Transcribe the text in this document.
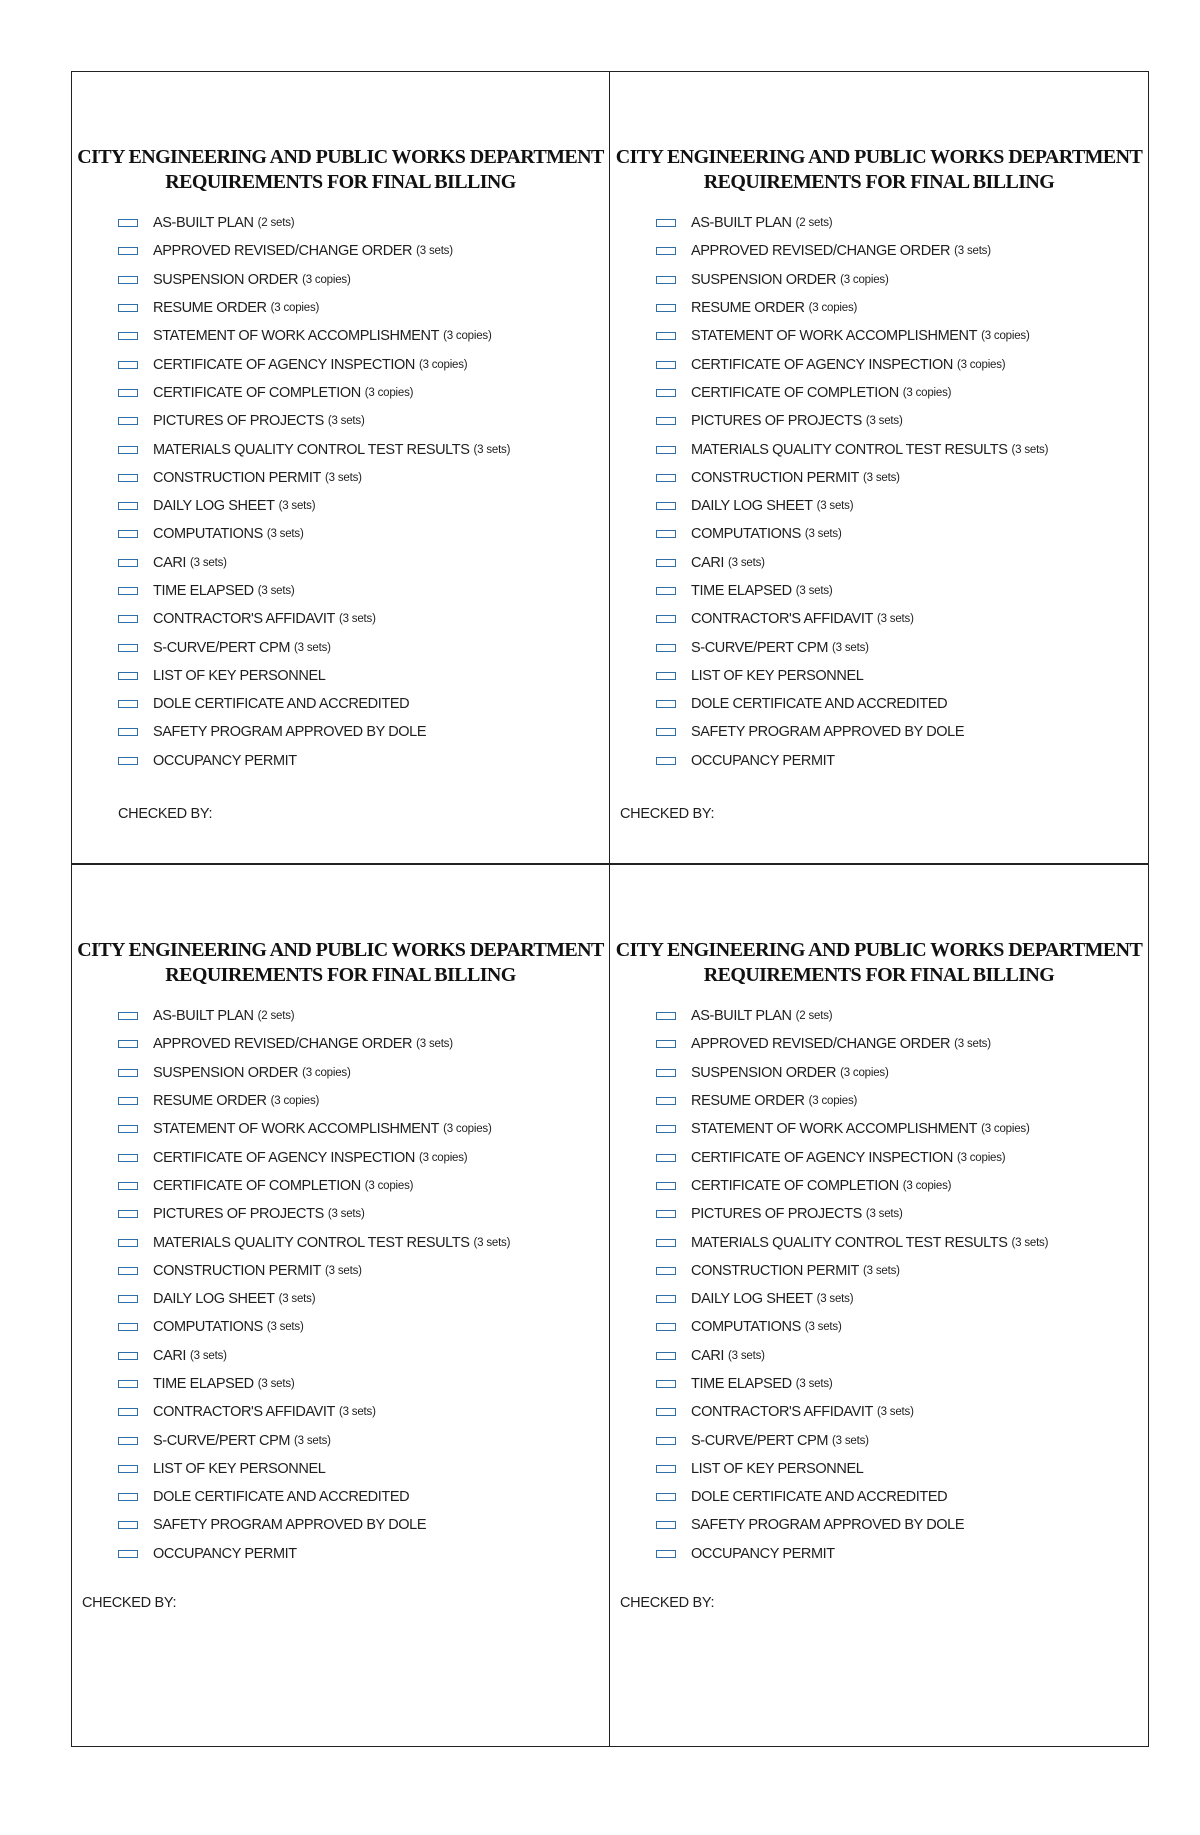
CITY ENGINEERING AND PUBLIC WORKS DEPARTMENT
REQUIREMENTS FOR FINAL BILLING
AS-BUILT PLAN (2 sets)
APPROVED REVISED/CHANGE ORDER (3 sets)
SUSPENSION ORDER (3 copies)
RESUME ORDER (3 copies)
STATEMENT OF WORK ACCOMPLISHMENT (3 copies)
CERTIFICATE OF AGENCY INSPECTION (3 copies)
CERTIFICATE OF COMPLETION (3 copies)
PICTURES OF PROJECTS (3 sets)
MATERIALS QUALITY CONTROL TEST RESULTS (3 sets)
CONSTRUCTION PERMIT (3 sets)
DAILY LOG SHEET (3 sets)
COMPUTATIONS (3 sets)
CARI (3 sets)
TIME ELAPSED (3 sets)
CONTRACTOR'S AFFIDAVIT (3 sets)
S-CURVE/PERT CPM (3 sets)
LIST OF KEY PERSONNEL
DOLE CERTIFICATE AND ACCREDITED
SAFETY PROGRAM APPROVED BY DOLE
OCCUPANCY PERMIT
CHECKED BY:
CITY ENGINEERING AND PUBLIC WORKS DEPARTMENT
REQUIREMENTS FOR FINAL BILLING
AS-BUILT PLAN (2 sets)
APPROVED REVISED/CHANGE ORDER (3 sets)
SUSPENSION ORDER (3 copies)
RESUME ORDER (3 copies)
STATEMENT OF WORK ACCOMPLISHMENT (3 copies)
CERTIFICATE OF AGENCY INSPECTION (3 copies)
CERTIFICATE OF COMPLETION (3 copies)
PICTURES OF PROJECTS (3 sets)
MATERIALS QUALITY CONTROL TEST RESULTS (3 sets)
CONSTRUCTION PERMIT (3 sets)
DAILY LOG SHEET (3 sets)
COMPUTATIONS (3 sets)
CARI (3 sets)
TIME ELAPSED (3 sets)
CONTRACTOR'S AFFIDAVIT (3 sets)
S-CURVE/PERT CPM (3 sets)
LIST OF KEY PERSONNEL
DOLE CERTIFICATE AND ACCREDITED
SAFETY PROGRAM APPROVED BY DOLE
OCCUPANCY PERMIT
CHECKED BY:
CITY ENGINEERING AND PUBLIC WORKS DEPARTMENT
REQUIREMENTS FOR FINAL BILLING
AS-BUILT PLAN (2 sets)
APPROVED REVISED/CHANGE ORDER (3 sets)
SUSPENSION ORDER (3 copies)
RESUME ORDER (3 copies)
STATEMENT OF WORK ACCOMPLISHMENT (3 copies)
CERTIFICATE OF AGENCY INSPECTION (3 copies)
CERTIFICATE OF COMPLETION (3 copies)
PICTURES OF PROJECTS (3 sets)
MATERIALS QUALITY CONTROL TEST RESULTS (3 sets)
CONSTRUCTION PERMIT (3 sets)
DAILY LOG SHEET (3 sets)
COMPUTATIONS (3 sets)
CARI (3 sets)
TIME ELAPSED (3 sets)
CONTRACTOR'S AFFIDAVIT (3 sets)
S-CURVE/PERT CPM (3 sets)
LIST OF KEY PERSONNEL
DOLE CERTIFICATE AND ACCREDITED
SAFETY PROGRAM APPROVED BY DOLE
OCCUPANCY PERMIT
CHECKED BY:
CITY ENGINEERING AND PUBLIC WORKS DEPARTMENT
REQUIREMENTS FOR FINAL BILLING
AS-BUILT PLAN (2 sets)
APPROVED REVISED/CHANGE ORDER (3 sets)
SUSPENSION ORDER (3 copies)
RESUME ORDER (3 copies)
STATEMENT OF WORK ACCOMPLISHMENT (3 copies)
CERTIFICATE OF AGENCY INSPECTION (3 copies)
CERTIFICATE OF COMPLETION (3 copies)
PICTURES OF PROJECTS (3 sets)
MATERIALS QUALITY CONTROL TEST RESULTS (3 sets)
CONSTRUCTION PERMIT (3 sets)
DAILY LOG SHEET (3 sets)
COMPUTATIONS (3 sets)
CARI (3 sets)
TIME ELAPSED (3 sets)
CONTRACTOR'S AFFIDAVIT (3 sets)
S-CURVE/PERT CPM (3 sets)
LIST OF KEY PERSONNEL
DOLE CERTIFICATE AND ACCREDITED
SAFETY PROGRAM APPROVED BY DOLE
OCCUPANCY PERMIT
CHECKED BY:
